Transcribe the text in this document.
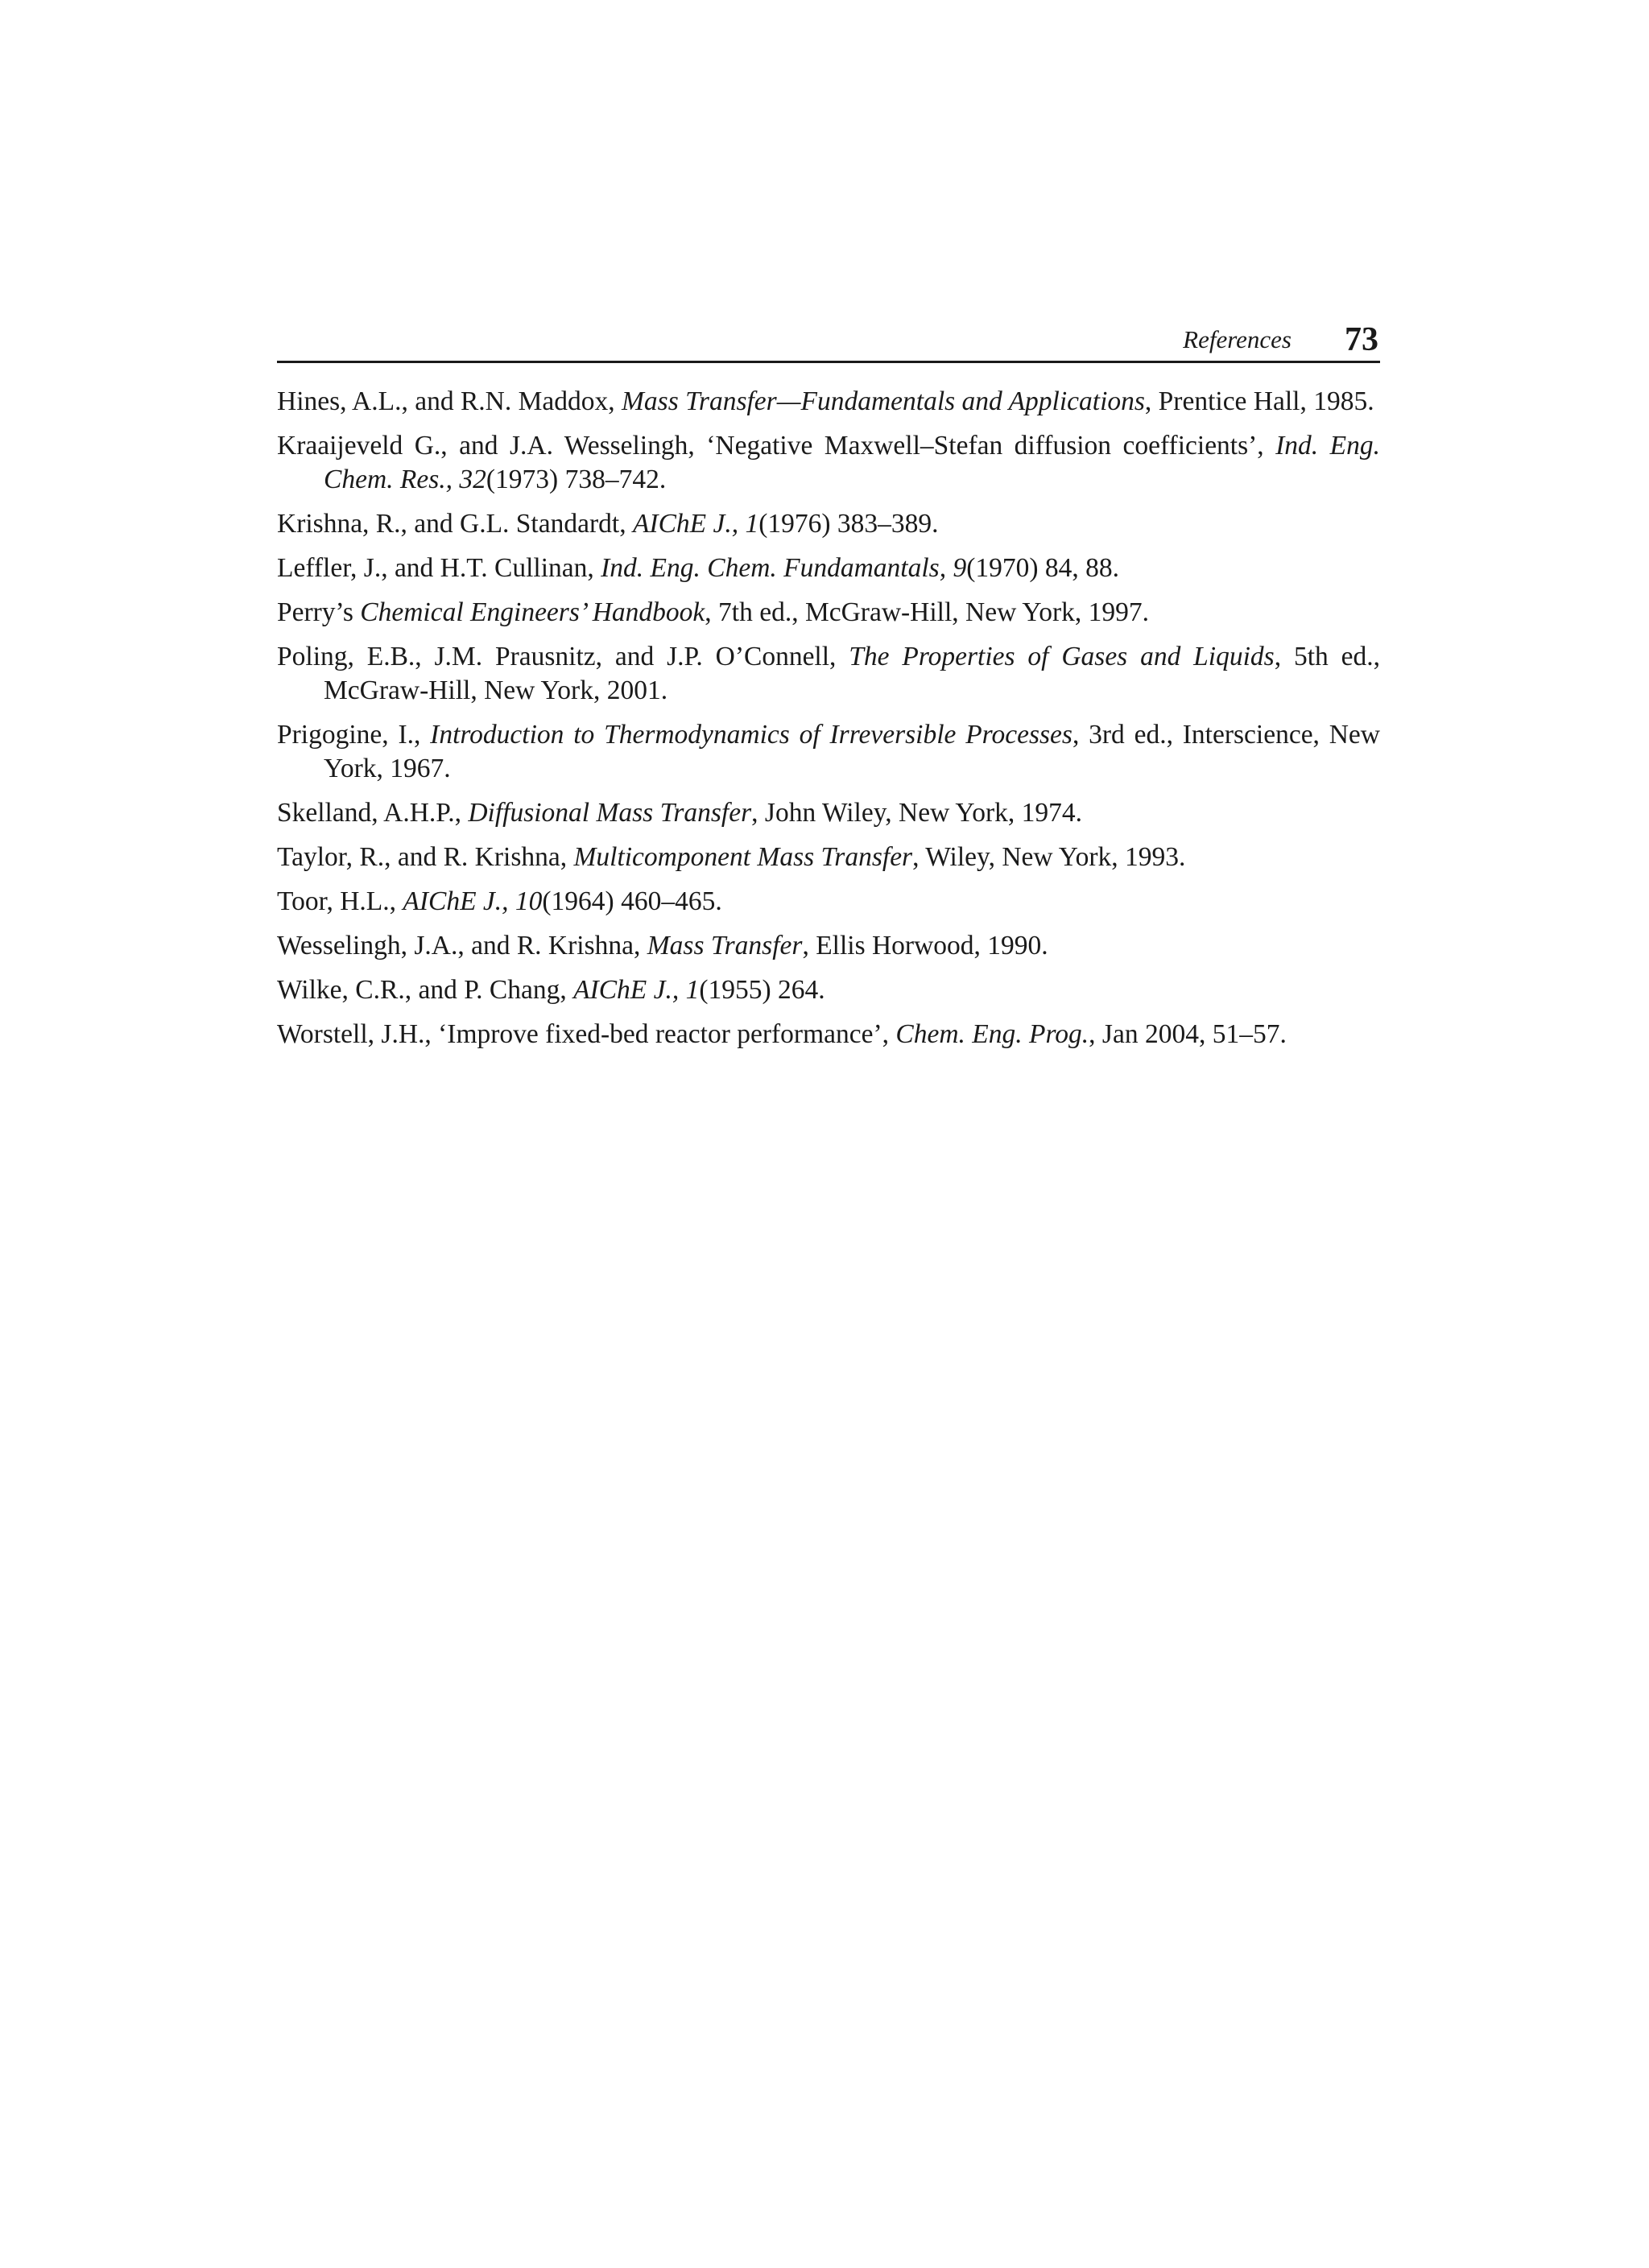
References 73
Hines, A.L., and R.N. Maddox, Mass Transfer—Fundamentals and Applications, Prentice Hall, 1985.
Kraaijeveld G., and J.A. Wesselingh, ‘Negative Maxwell–Stefan diffusion coefficients’, Ind. Eng. Chem. Res., 32(1973) 738–742.
Krishna, R., and G.L. Standardt, AIChE J., 1(1976) 383–389.
Leffler, J., and H.T. Cullinan, Ind. Eng. Chem. Fundamantals, 9(1970) 84, 88.
Perry’s Chemical Engineers’ Handbook, 7th ed., McGraw-Hill, New York, 1997.
Poling, E.B., J.M. Prausnitz, and J.P. O’Connell, The Properties of Gases and Liquids, 5th ed., McGraw-Hill, New York, 2001.
Prigogine, I., Introduction to Thermodynamics of Irreversible Processes, 3rd ed., Interscience, New York, 1967.
Skelland, A.H.P., Diffusional Mass Transfer, John Wiley, New York, 1974.
Taylor, R., and R. Krishna, Multicomponent Mass Transfer, Wiley, New York, 1993.
Toor, H.L., AIChE J., 10(1964) 460–465.
Wesselingh, J.A., and R. Krishna, Mass Transfer, Ellis Horwood, 1990.
Wilke, C.R., and P. Chang, AIChE J., 1(1955) 264.
Worstell, J.H., ‘Improve fixed-bed reactor performance’, Chem. Eng. Prog., Jan 2004, 51–57.
